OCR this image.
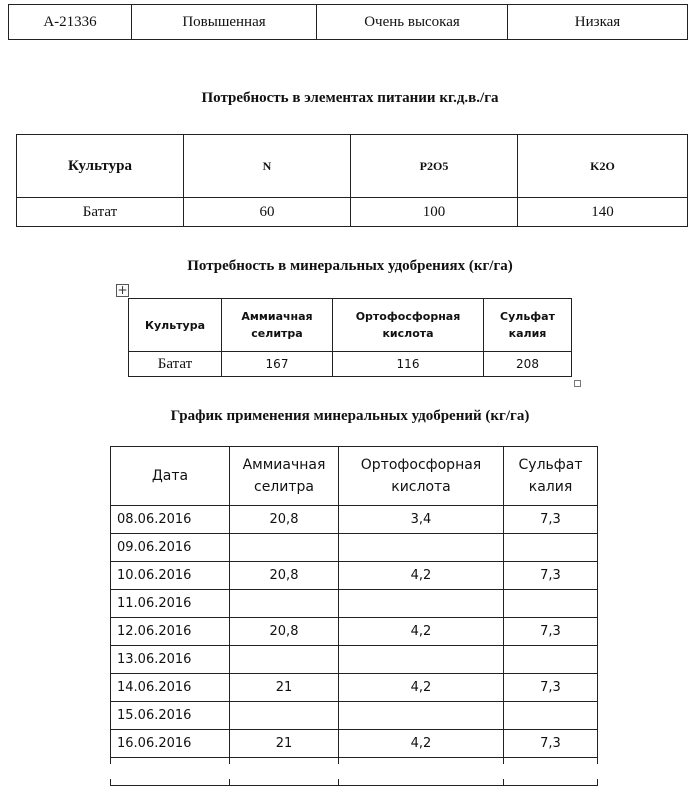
А-21336	Повышенная	Очень высокая	Низкая
Потребность в элементах питании кг.д.в./га
Культура	N	P2O5	K2O
Батат	60	100	140
Потребность в минеральных удобрениях (кг/га)
+
Культура	Аммиачная селитра	Ортофосфорная кислота	Сульфат калия
Батат	167	116	208
График применения минеральных удобрений (кг/га)
Дата	Аммиачная селитра	Ортофосфорная кислота	Сульфат калия
08.06.2016	20,8	3,4	7,3
09.06.2016			
10.06.2016	20,8	4,2	7,3
11.06.2016			
12.06.2016	20,8	4,2	7,3
13.06.2016			
14.06.2016	21	4,2	7,3
15.06.2016			
16.06.2016	21	4,2	7,3
